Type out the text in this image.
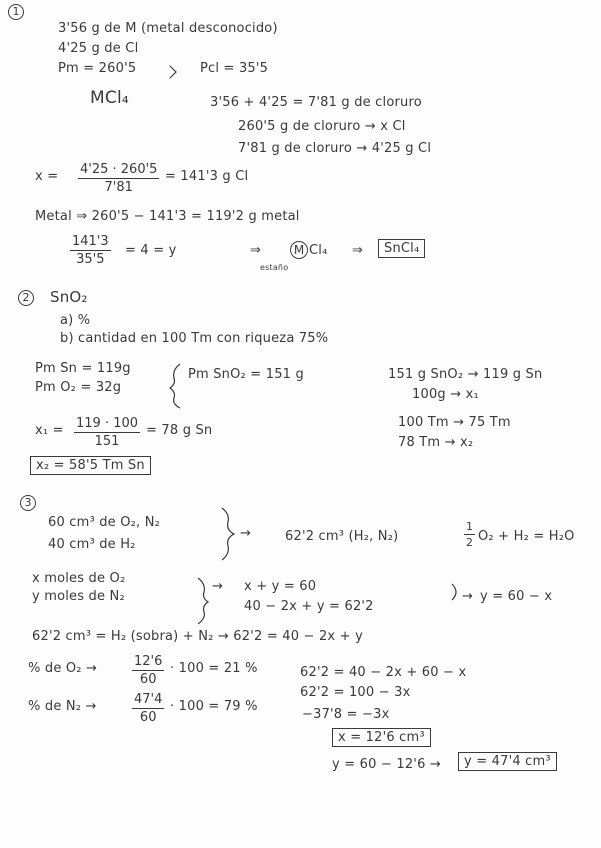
1
3'56 g de M (metal desconocido)
4'25 g de Cl
Pm = 260'5	Pcl = 35'5
MCl₄	3'56 + 4'25 = 7'81 g de cloruro
260'5 g de cloruro → x Cl
7'81 g de cloruro → 4'25 g Cl
$x = \frac{4'25 \cdot 260'5}{7'81} = 141'3$ g Cl
Metal ⇒ 260'5 − 141'3 = 119'2 g metal
$\frac{141'3}{35'5} = 4 = y$	⇒	M Cl₄ ⇒	SnCl₄
estaño
2	SnO₂
a) %
b) cantidad en 100 Tm con riqueza 75%
Pm Sn = 119g
Pm O₂ = 32g
Pm SnO₂ = 151 g	151 g SnO₂ → 119 g Sn
100g → x₁
100 Tm → 75 Tm
78 Tm → x₂
$x_1 = \frac{119 \cdot 100}{151} = 78$ g Sn
x₂ = 58'5 Tm Sn
3
60 cm³ de O₂, N₂
40 cm³ de H₂
→	62'2 cm³ (H₂, N₂)	$\frac{1}{2} O_2 + H_2 = H_2O$
x moles de O₂
y moles de N₂
→ x + y = 60
40 − 2x + y = 62'2
→ y = 60 − x
62'2 cm³ = H₂ (sobra) + N₂ → 62'2 = 40 − 2x + y
62'2 = 40 − 2x + 60 − x
62'2 = 100 − 3x
−37'8 = −3x
x = 12'6 cm³
y = 60 − 12'6 →	y = 47'4 cm³
% de O₂ →	$\frac{12'6}{60} \cdot 100 = 21$ %
% de N₂ →	$\frac{47'4}{60} \cdot 100 = 79$ %
